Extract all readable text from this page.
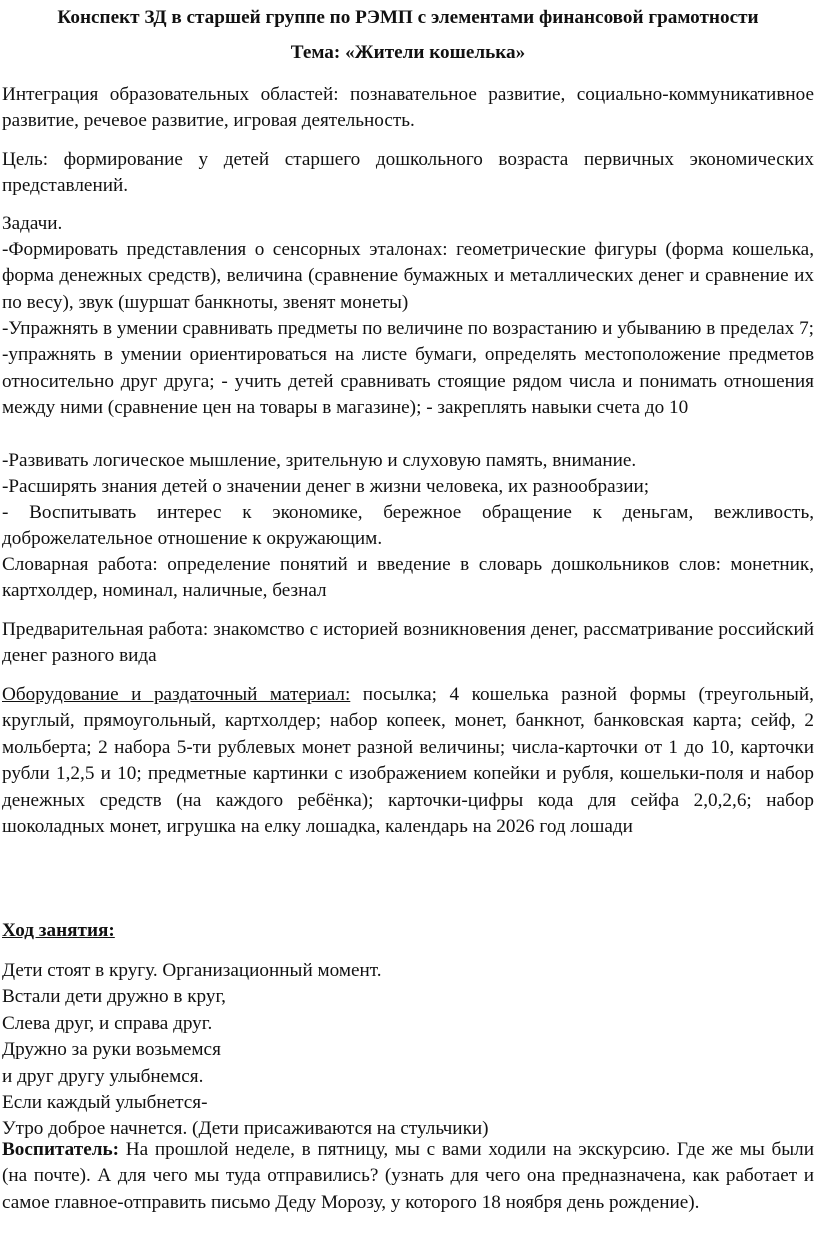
Конспект ЗД в старшей группе по РЭМП с элементами финансовой грамотности

Тема: «Жители кошелька»

Интеграция образовательных областей: познавательное развитие, социально-коммуникативное развитие, речевое развитие, игровая деятельность.

Цель: формирование у детей старшего дошкольного возраста первичных экономических представлений.

Задачи.

-Формировать представления о сенсорных эталонах: геометрические фигуры (форма кошелька, форма денежных средств), величина (сравнение бумажных и металлических денег и сравнение их по весу), звук (шуршат банкноты, звенят монеты)

-Упражнять в умении сравнивать предметы по величине по возрастанию и убыванию в пределах 7; -упражнять в умении ориентироваться на листе бумаги, определять местоположение предметов относительно друг друга; - учить детей сравнивать стоящие рядом числа и понимать отношения между ними (сравнение цен на товары в магазине); - закреплять навыки счета до 10

-Развивать логическое мышление, зрительную и слуховую память, внимание.

-Расширять знания детей о значении денег в жизни человека, их разнообразии;

- Воспитывать интерес к экономике, бережное обращение к деньгам, вежливость, доброжелательное отношение к окружающим.

Словарная работа: определение понятий и введение в словарь дошкольников слов: монетник, картхолдер, номинал, наличные, безнал

Предварительная работа: знакомство с историей возникновения денег, рассматривание российский денег разного вида

Оборудование и раздаточный материал: посылка; 4 кошелька разной формы (треугольный, круглый, прямоугольный, картхолдер; набор копеек, монет, банкнот, банковская карта; сейф, 2 мольберта; 2 набора 5-ти рублевых монет разной величины; числа-карточки от 1 до 10, карточки рубли 1,2,5 и 10; предметные картинки с изображением копейки и рубля, кошельки-поля и набор денежных средств (на каждого ребёнка); карточки-цифры кода для сейфа 2,0,2,6; набор шоколадных монет, игрушка на елку лошадка, календарь на 2026 год лошади

Ход занятия:

Дети стоят в кругу. Организационный момент.
Встали дети дружно в круг,
Слева друг, и справа друг.
Дружно за руки возьмемся
и друг другу улыбнемся.
Если каждый улыбнется-
Утро доброе начнется. (Дети присаживаются на стульчики)

Воспитатель: На прошлой неделе, в пятницу, мы с вами ходили на экскурсию. Где же мы были (на почте). А для чего мы туда отправились? (узнать для чего она предназначена, как работает и самое главное-отправить письмо Деду Морозу, у которого 18 ноября день рождение).
